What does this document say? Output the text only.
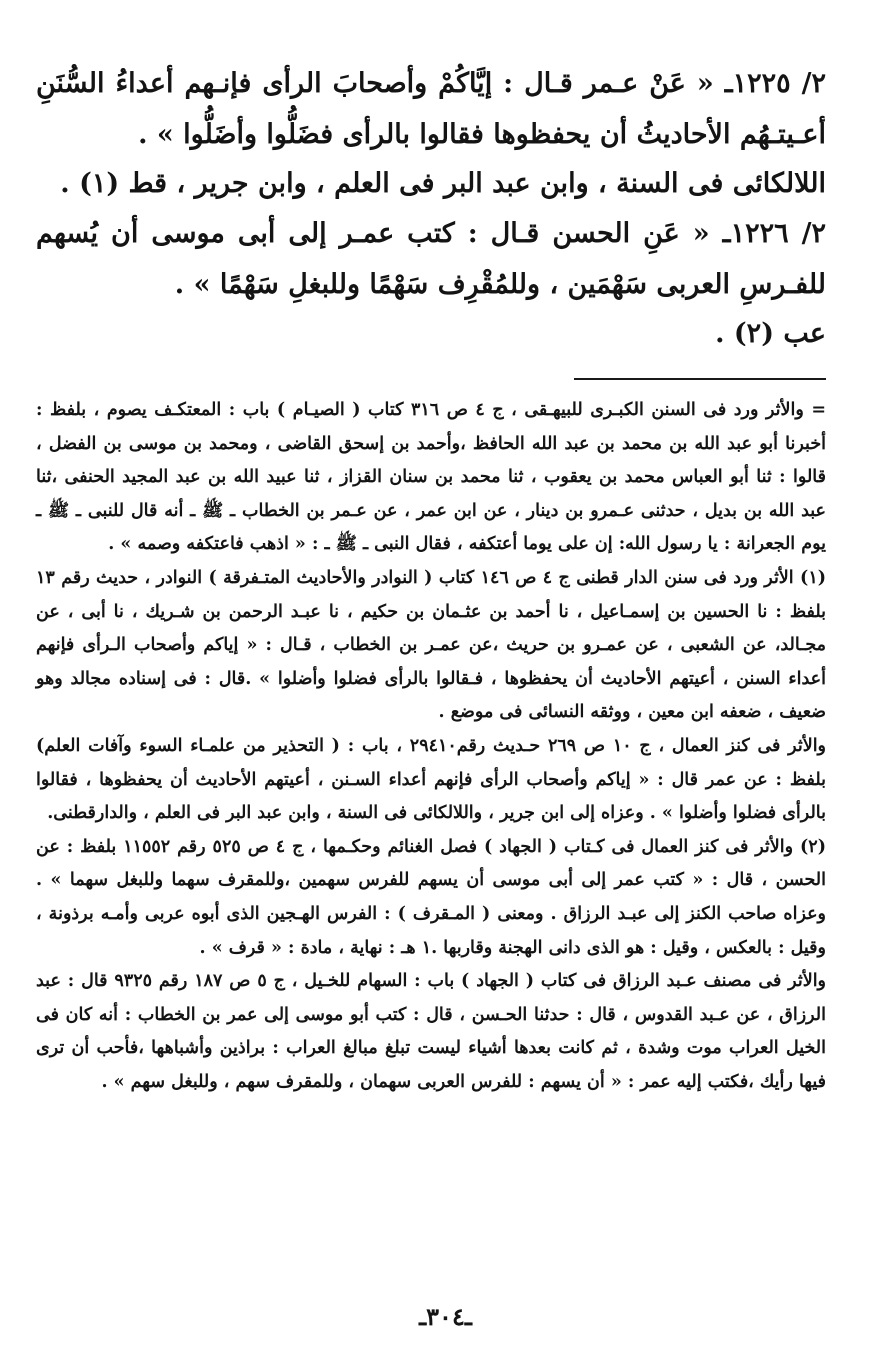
٢/ ١٢٢٥ـ « عَنْ عـمر قـال : إيَّاكُمْ وأصحابَ الرأى فإنـهم أعداءُ السُّنَنِ أعـيتـهُم الأحاديثُ أن يحفظوها فقالوا بالرأى فضَلُّوا وأضَلُّوا » .

اللالكائى فى السنة ، وابن عبد البر فى العلم ، وابن جرير ، قط (١) .

٢/ ١٢٢٦ـ « عَنِ الحسن قـال : كتب عمـر إلى أبى موسى أن يُسهم للفـرسِ العربى سَهْمَين ، وللمُقْرِف سَهْمًا وللبغلِ سَهْمًا » .

عب (٢) .

= والأثر ورد فى السنن الكبـرى للبيهـقى ، ج ٤ ص ٣١٦ كتاب ( الصيـام ) باب : المعتكـف يصوم ، بلفظ : أخبرنا أبو عبد الله بن محمد بن عبد الله الحافظ ،وأحمد بن إسحق القاضى ، ومحمد بن موسى بن الفضل ، قالوا : ثنا أبو العباس محمد بن يعقوب ، ثنا محمد بن سنان القزاز ، ثنا عبيد الله بن عبد المجيد الحنفى ،ثنا عبد الله بن بديل ، حدثنى عـمرو بن دينار ، عن ابن عمر ، عن عـمر بن الخطاب ـ ﷺ ـ أنه قال للنبى ـ ﷺ ـ يوم الجعرانة : يا رسول الله: إن على يوما أعتكفه ، فقال النبى ـ ﷺ ـ : « اذهب فاعتكفه وصمه » .

(١) الأثر ورد فى سنن الدار قطنى ج ٤ ص ١٤٦ كتاب ( النوادر والأحاديث المتـفرقة ) النوادر ، حديث رقم ١٣ بلفظ : نا الحسين بن إسمـاعيل ، نا أحمد بن عثـمان بن حكيم ، نا عبـد الرحمن بن شـريك ، نا أبى ، عن مجـالد، عن الشعبى ، عن عمـرو بن حريث ،عن عمـر بن الخطاب ، قـال : « إياكم وأصحاب الـرأى فإنهم أعداء السنن ، أعيتهم الأحاديث أن يحفظوها ، فـقالوا بالرأى فضلوا وأضلوا » .قال : فى إسناده مجالد وهو ضعيف ، ضعفه ابن معين ، ووثقه النسائى فى موضع .

والأثر فى كنز العمال ، ج ١٠ ص ٢٦٩ حـديث رقم٢٩٤١٠ ، باب : ( التحذير من علمـاء السوء وآفات العلم) بلفظ : عن عمر قال : « إياكم وأصحاب الرأى فإنهم أعداء السـنن ، أعيتهم الأحاديث أن يحفظوها ، فقالوا بالرأى فضلوا وأضلوا » . وعزاه إلى ابن جرير ، واللالكائى فى السنة ، وابن عبد البر فى العلم ، والدارقطنى.

(٢) والأثر فى كنز العمال فى كـتاب ( الجهاد ) فصل الغنائم وحكـمها ، ج ٤ ص ٥٢٥ رقم ١١٥٥٢ بلفظ : عن الحسن ، قال : « كتب عمر إلى أبى موسى أن يسهم للفرس سهمين ،وللمقرف سهما وللبغل سهما » . وعزاه صاحب الكنز إلى عبـد الرزاق . ومعنى ( المـقرف ) : الفرس الهـجين الذى أبوه عربى وأمـه برذونة ، وقيل : بالعكس ، وقيل : هو الذى دانى الهجنة وقاربها .١ هـ : نهاية ، مادة : « قرف » .

والأثر فى مصنف عـبد الرزاق فى كتاب ( الجهاد ) باب : السهام للخـيل ، ج ٥ ص ١٨٧ رقم ٩٣٢٥ قال : عبد الرزاق ، عن عـبد القدوس ، قال : حدثنا الحـسن ، قال : كتب أبو موسى إلى عمر بن الخطاب : أنه كان فى الخيل العراب موت وشدة ، ثم كانت بعدها أشياء ليست تبلغ مبالغ العراب : براذين وأشباهها ،فأحب أن ترى فيها رأيك ،فكتب إليه عمر : « أن يسهم : للفرس العربى سهمان ، وللمقرف سهم ، وللبغل سهم » .

ـ٣٠٤ـ
